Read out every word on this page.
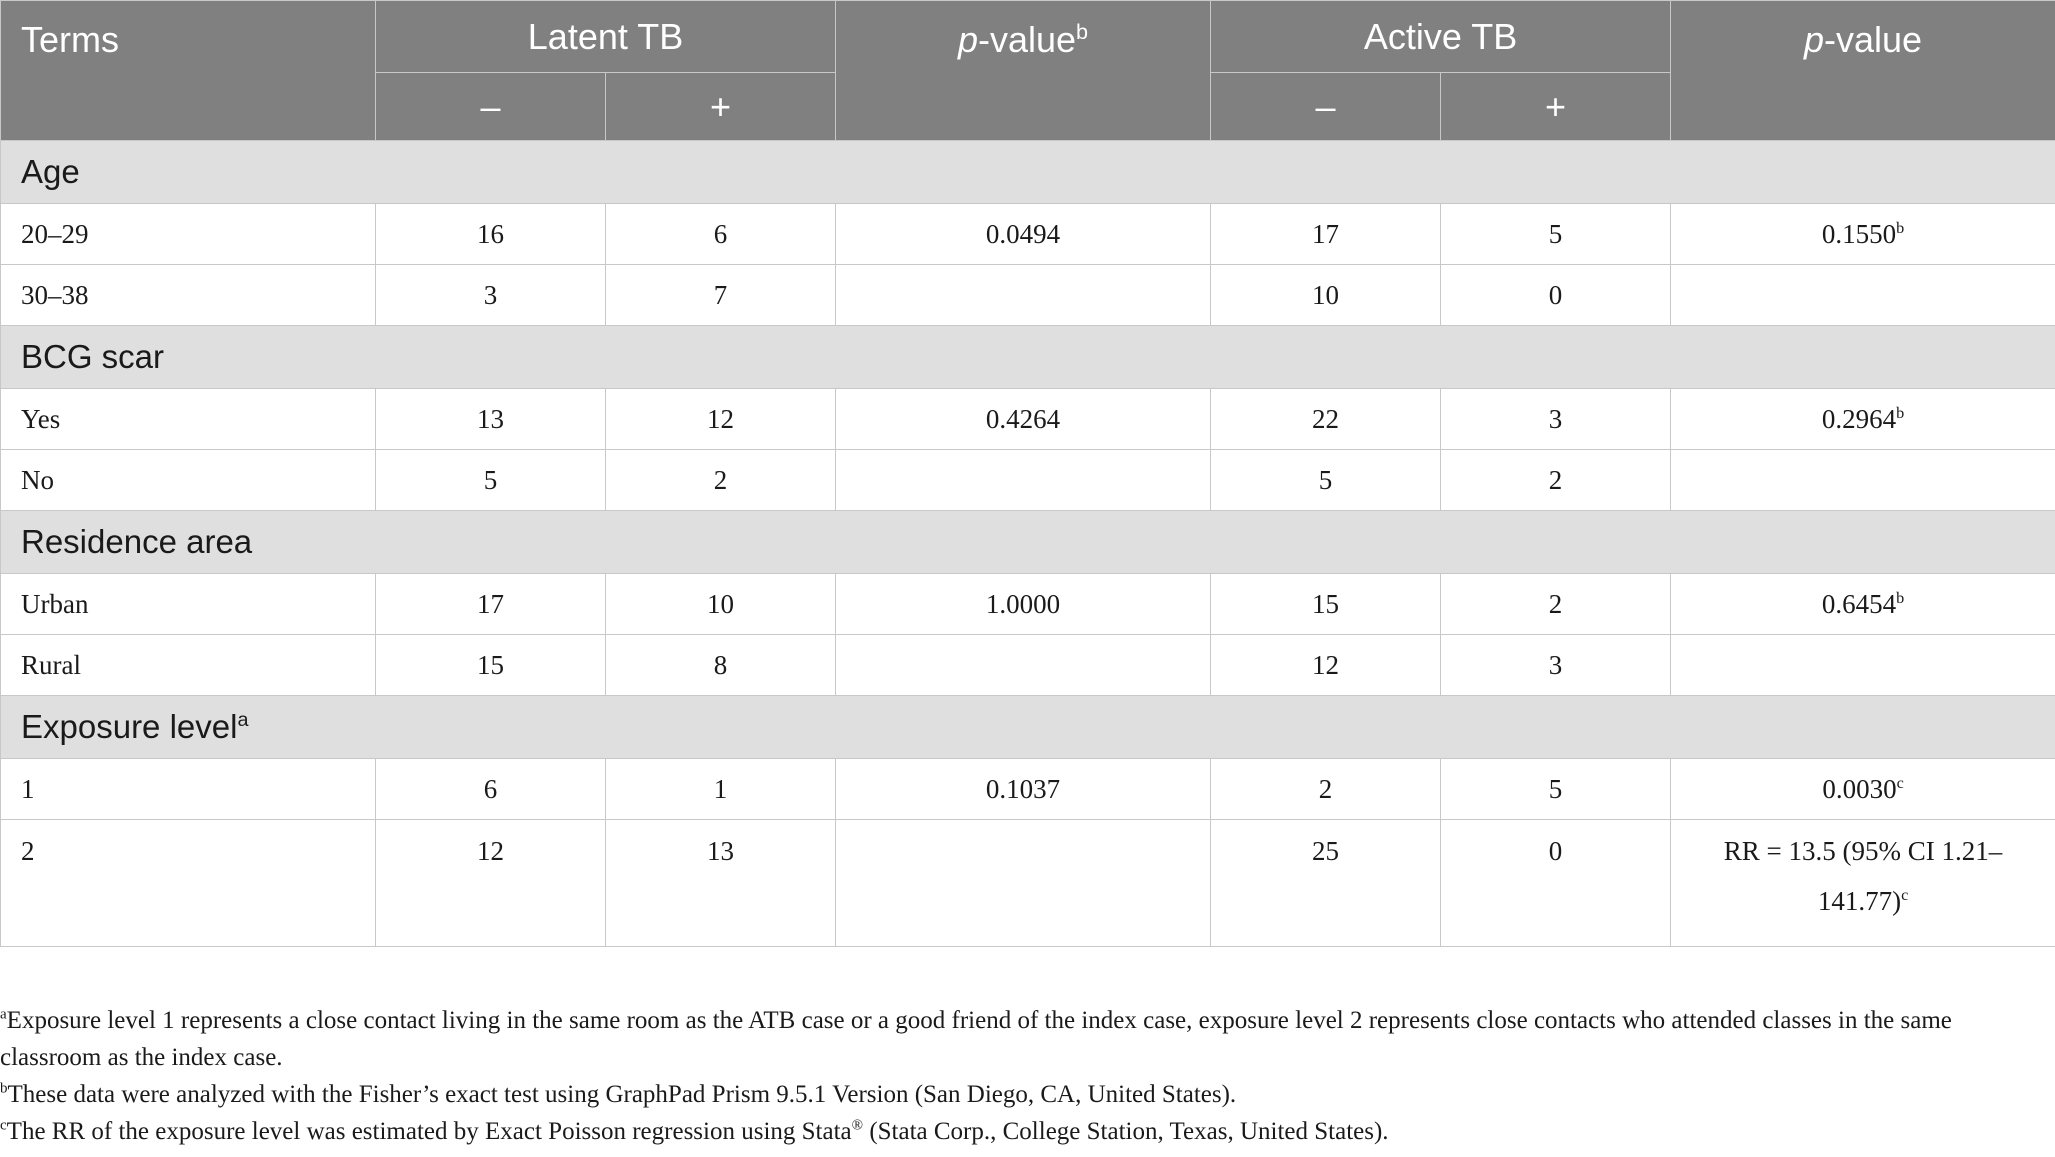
Terms	Latent TB		p-value$^b$	Active TB		p-value
	–	+		–	+	
Age						
20–29	16	6	0.0494	17	5	0.1550$^b$
30–38	3	7		10	0	
BCG scar						
Yes	13	12	0.4264	22	3	0.2964$^b$
No	5	2		5	2	
Residence area						
Urban	17	10	1.0000	15	2	0.6454$^b$
Rural	15	8		12	3	
Exposure level$^a$
1	6	1	0.1037	2	5	0.0030$^c$
2	12	13		25	0	RR = 13.5 (95% CI 1.21–
141.77)$^c$

$^a$Exposure level 1 represents a close contact living in the same room as the ATB case or a good friend of the index case, exposure level 2 represents close contacts who attended classes in the same classroom as the index case.

$^b$These data were analyzed with the Fisher’s exact test using GraphPad Prism 9.5.1 Version (San Diego, CA, United States).

$^c$The RR of the exposure level was estimated by Exact Poisson regression using Stata® (Stata Corp., College Station, Texas, United States).
